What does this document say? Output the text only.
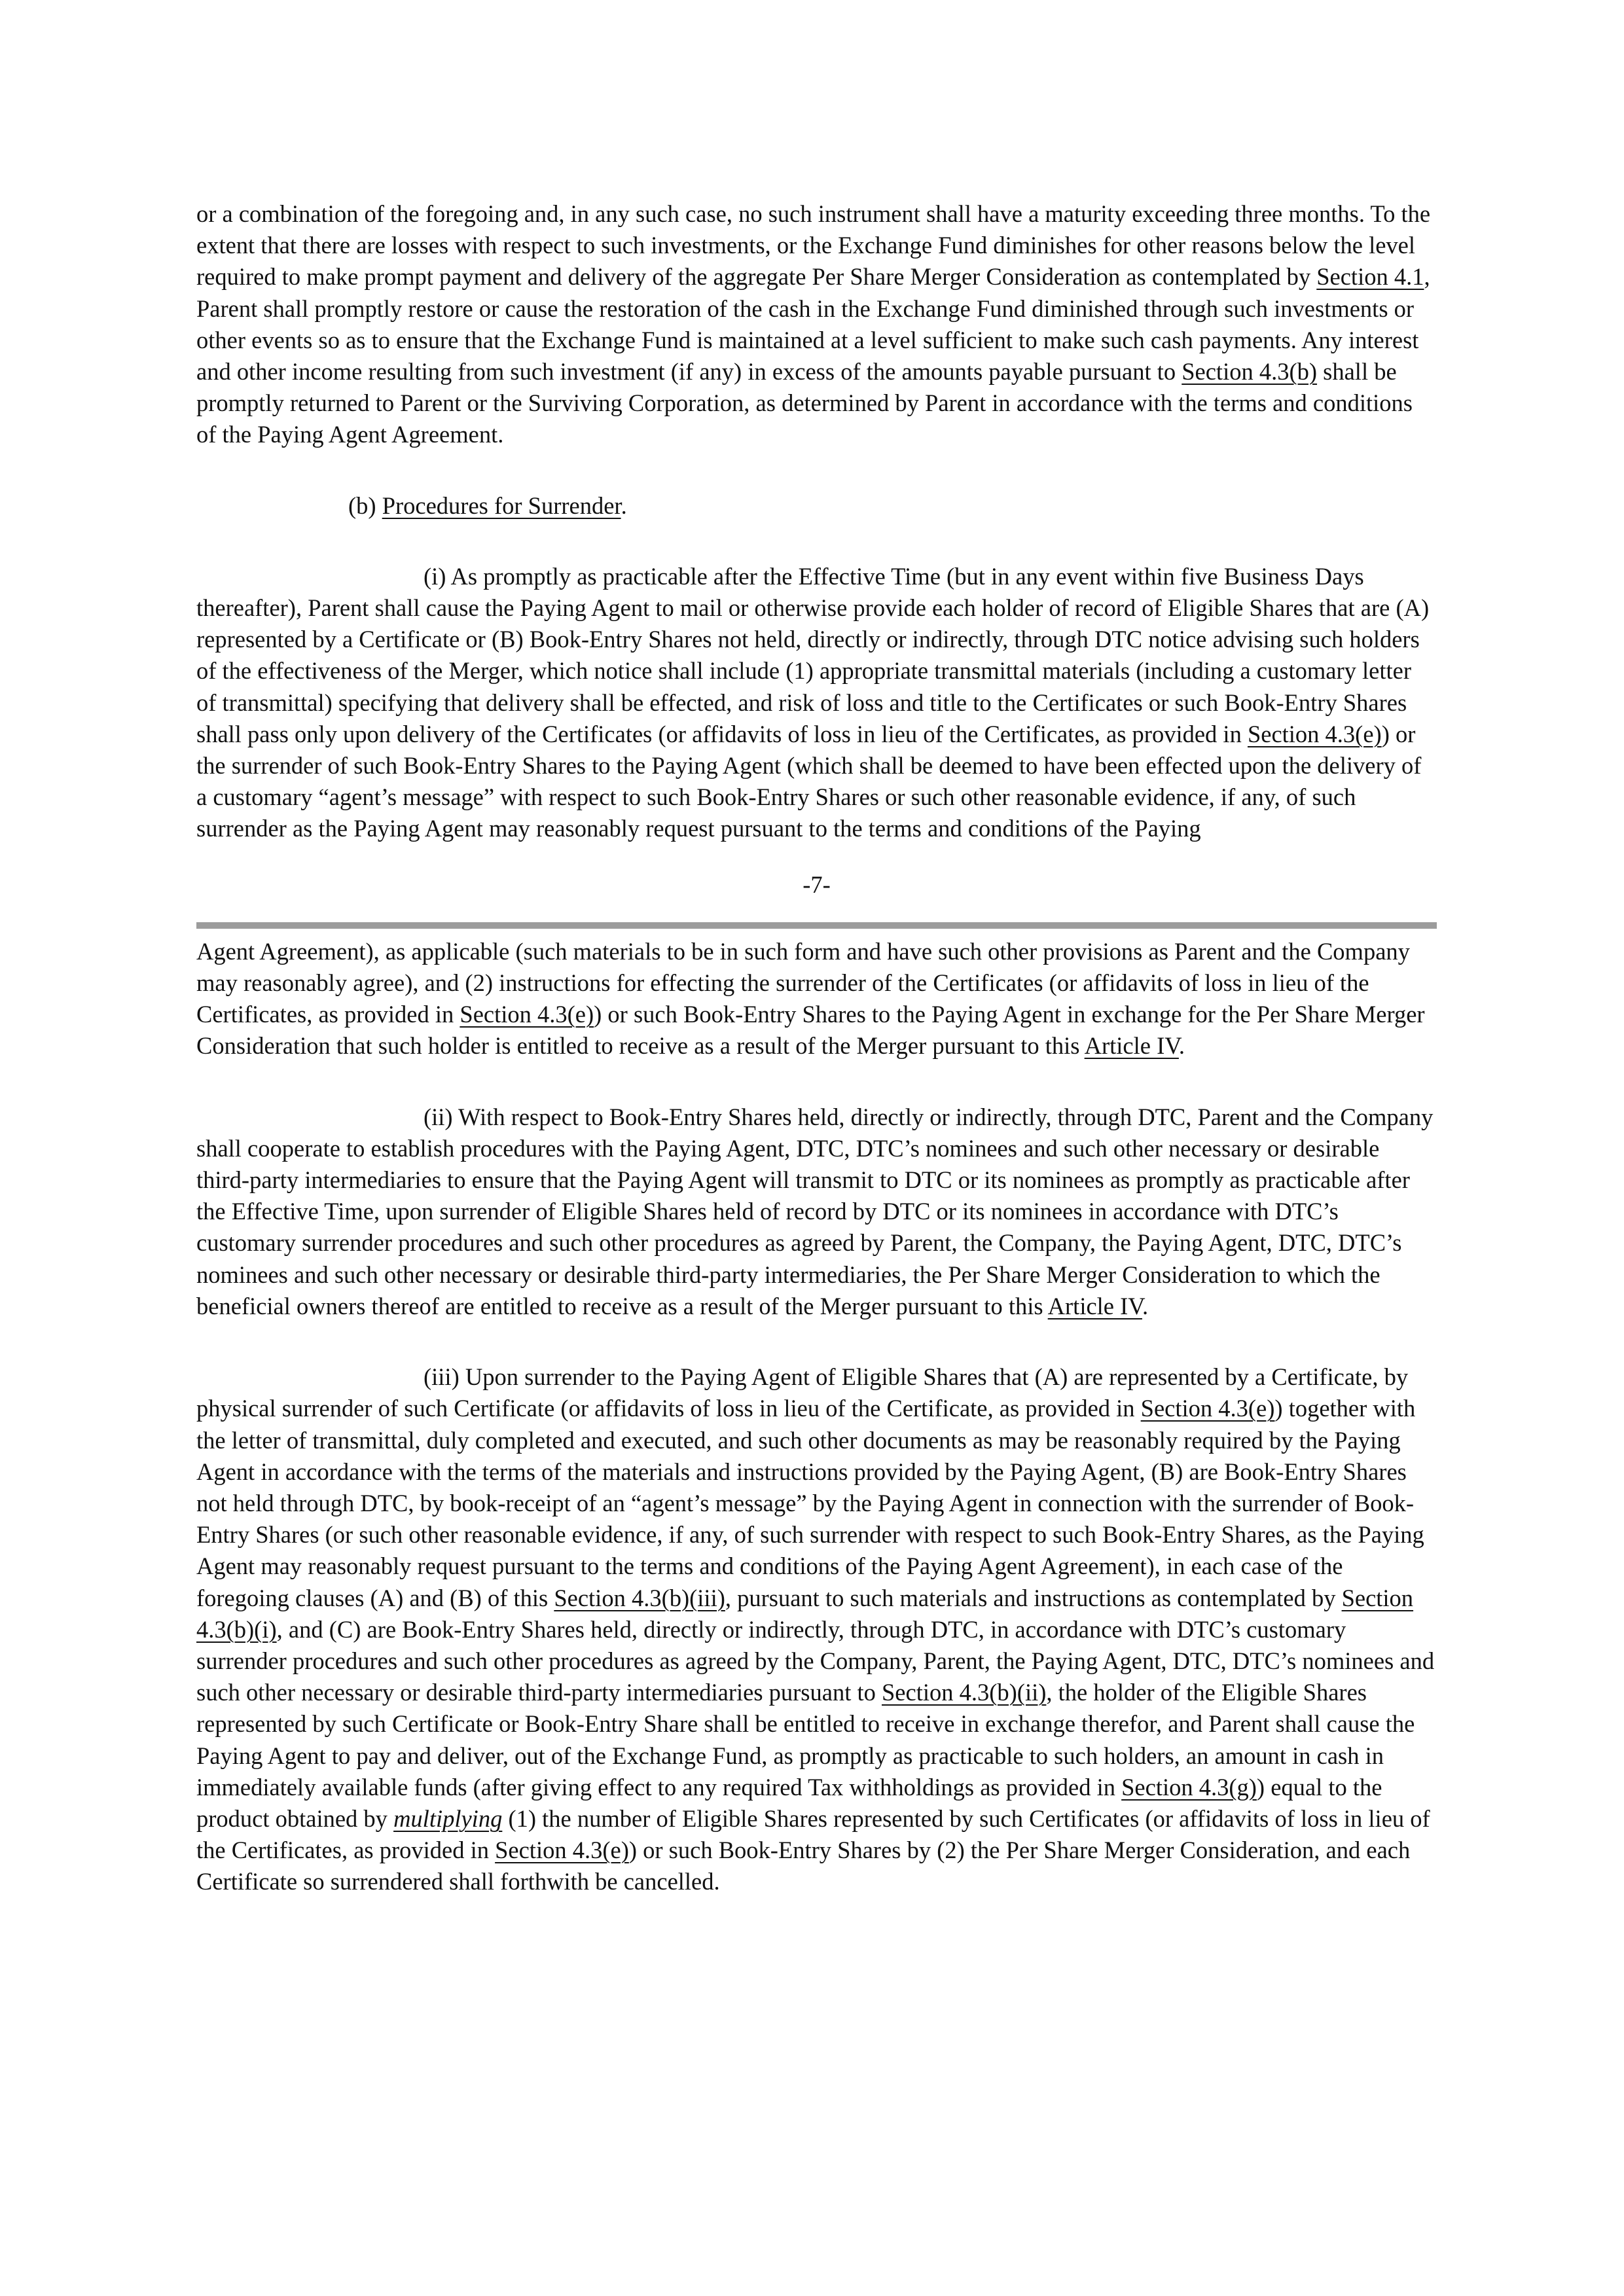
or a combination of the foregoing and, in any such case, no such instrument shall have a maturity exceeding three months. To the extent that there are losses with respect to such investments, or the Exchange Fund diminishes for other reasons below the level required to make prompt payment and delivery of the aggregate Per Share Merger Consideration as contemplated by Section 4.1, Parent shall promptly restore or cause the restoration of the cash in the Exchange Fund diminished through such investments or other events so as to ensure that the Exchange Fund is maintained at a level sufficient to make such cash payments. Any interest and other income resulting from such investment (if any) in excess of the amounts payable pursuant to Section 4.3(b) shall be promptly returned to Parent or the Surviving Corporation, as determined by Parent in accordance with the terms and conditions of the Paying Agent Agreement.

(b) Procedures for Surrender.

(i) As promptly as practicable after the Effective Time (but in any event within five Business Days thereafter), Parent shall cause the Paying Agent to mail or otherwise provide each holder of record of Eligible Shares that are (A) represented by a Certificate or (B) Book-Entry Shares not held, directly or indirectly, through DTC notice advising such holders of the effectiveness of the Merger, which notice shall include (1) appropriate transmittal materials (including a customary letter of transmittal) specifying that delivery shall be effected, and risk of loss and title to the Certificates or such Book-Entry Shares shall pass only upon delivery of the Certificates (or affidavits of loss in lieu of the Certificates, as provided in Section 4.3(e)) or the surrender of such Book-Entry Shares to the Paying Agent (which shall be deemed to have been effected upon the delivery of a customary “agent’s message” with respect to such Book-Entry Shares or such other reasonable evidence, if any, of such surrender as the Paying Agent may reasonably request pursuant to the terms and conditions of the Paying

-7-

Agent Agreement), as applicable (such materials to be in such form and have such other provisions as Parent and the Company may reasonably agree), and (2) instructions for effecting the surrender of the Certificates (or affidavits of loss in lieu of the Certificates, as provided in Section 4.3(e)) or such Book-Entry Shares to the Paying Agent in exchange for the Per Share Merger Consideration that such holder is entitled to receive as a result of the Merger pursuant to this Article IV.

(ii) With respect to Book-Entry Shares held, directly or indirectly, through DTC, Parent and the Company shall cooperate to establish procedures with the Paying Agent, DTC, DTC’s nominees and such other necessary or desirable third-party intermediaries to ensure that the Paying Agent will transmit to DTC or its nominees as promptly as practicable after the Effective Time, upon surrender of Eligible Shares held of record by DTC or its nominees in accordance with DTC’s customary surrender procedures and such other procedures as agreed by Parent, the Company, the Paying Agent, DTC, DTC’s nominees and such other necessary or desirable third-party intermediaries, the Per Share Merger Consideration to which the beneficial owners thereof are entitled to receive as a result of the Merger pursuant to this Article IV.

(iii) Upon surrender to the Paying Agent of Eligible Shares that (A) are represented by a Certificate, by physical surrender of such Certificate (or affidavits of loss in lieu of the Certificate, as provided in Section 4.3(e)) together with the letter of transmittal, duly completed and executed, and such other documents as may be reasonably required by the Paying Agent in accordance with the terms of the materials and instructions provided by the Paying Agent, (B) are Book-Entry Shares not held through DTC, by book-receipt of an “agent’s message” by the Paying Agent in connection with the surrender of Book-Entry Shares (or such other reasonable evidence, if any, of such surrender with respect to such Book-Entry Shares, as the Paying Agent may reasonably request pursuant to the terms and conditions of the Paying Agent Agreement), in each case of the foregoing clauses (A) and (B) of this Section 4.3(b)(iii), pursuant to such materials and instructions as contemplated by Section 4.3(b)(i), and (C) are Book-Entry Shares held, directly or indirectly, through DTC, in accordance with DTC’s customary surrender procedures and such other procedures as agreed by the Company, Parent, the Paying Agent, DTC, DTC’s nominees and such other necessary or desirable third-party intermediaries pursuant to Section 4.3(b)(ii), the holder of the Eligible Shares represented by such Certificate or Book-Entry Share shall be entitled to receive in exchange therefor, and Parent shall cause the Paying Agent to pay and deliver, out of the Exchange Fund, as promptly as practicable to such holders, an amount in cash in immediately available funds (after giving effect to any required Tax withholdings as provided in Section 4.3(g)) equal to the product obtained by multiplying (1) the number of Eligible Shares represented by such Certificates (or affidavits of loss in lieu of the Certificates, as provided in Section 4.3(e)) or such Book-Entry Shares by (2) the Per Share Merger Consideration, and each Certificate so surrendered shall forthwith be cancelled.
